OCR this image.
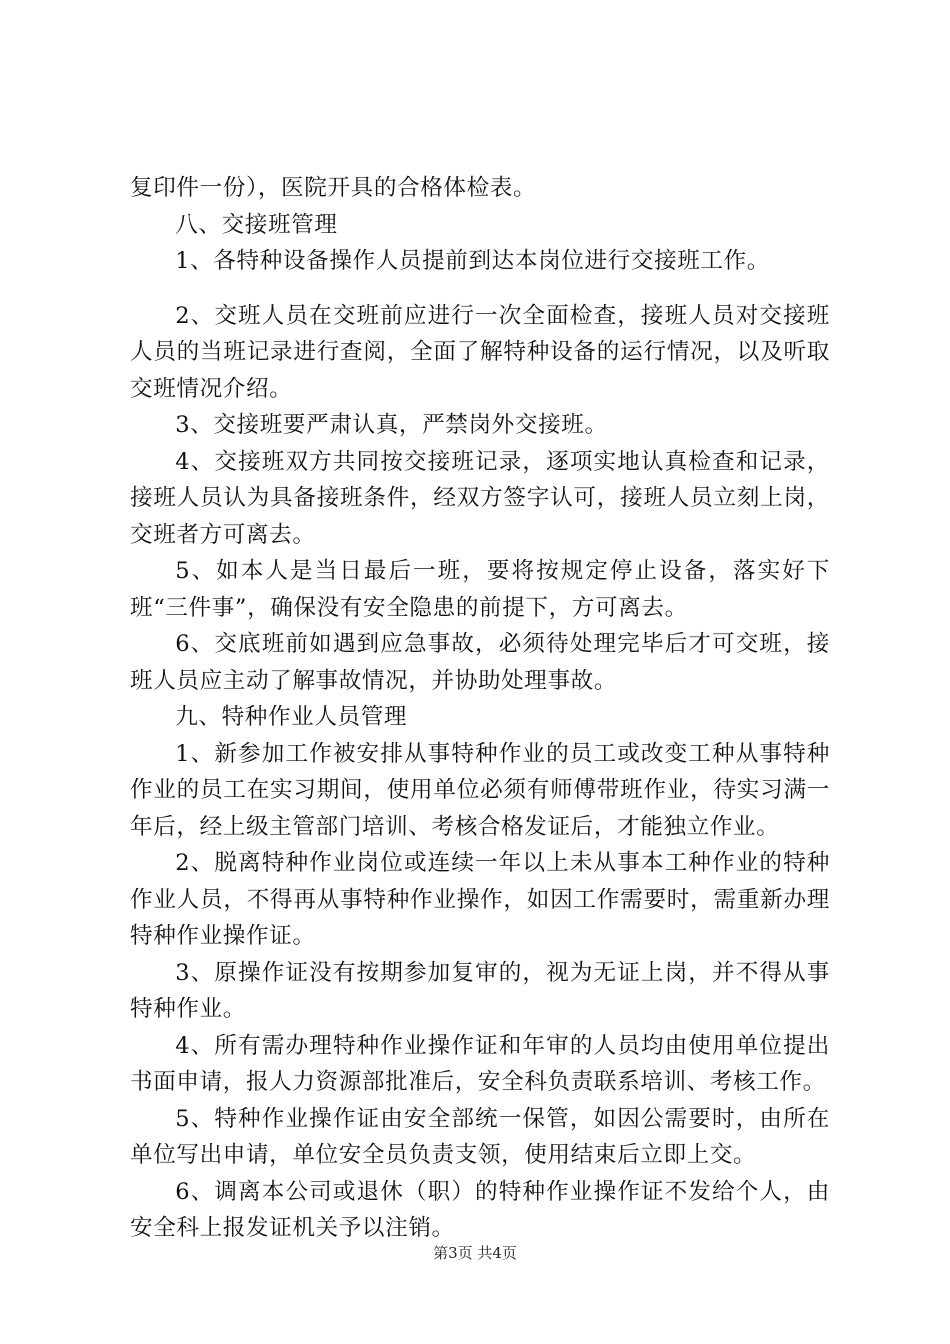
复印件一份），医院开具的合格体检表。

八、交接班管理

1、各特种设备操作人员提前到达本岗位进行交接班工作。

2、交班人员在交班前应进行一次全面检查，接班人员对交接班人员的当班记录进行查阅，全面了解特种设备的运行情况，以及听取交班情况介绍。

3、交接班要严肃认真，严禁岗外交接班。

4、交接班双方共同按交接班记录，逐项实地认真检查和记录，接班人员认为具备接班条件，经双方签字认可，接班人员立刻上岗，交班者方可离去。

5、如本人是当日最后一班，要将按规定停止设备，落实好下班“三件事”，确保没有安全隐患的前提下，方可离去。

6、交底班前如遇到应急事故，必须待处理完毕后才可交班，接班人员应主动了解事故情况，并协助处理事故。

九、特种作业人员管理

1、新参加工作被安排从事特种作业的员工或改变工种从事特种作业的员工在实习期间，使用单位必须有师傅带班作业，待实习满一年后，经上级主管部门培训、考核合格发证后，才能独立作业。

2、脱离特种作业岗位或连续一年以上未从事本工种作业的特种作业人员，不得再从事特种作业操作，如因工作需要时，需重新办理特种作业操作证。

3、原操作证没有按期参加复审的，视为无证上岗，并不得从事特种作业。

4、所有需办理特种作业操作证和年审的人员均由使用单位提出书面申请，报人力资源部批准后，安全科负责联系培训、考核工作。

5、特种作业操作证由安全部统一保管，如因公需要时，由所在单位写出申请，单位安全员负责支领，使用结束后立即上交。

6、调离本公司或退休（职）的特种作业操作证不发给个人，由安全科上报发证机关予以注销。

第3页 共4页
